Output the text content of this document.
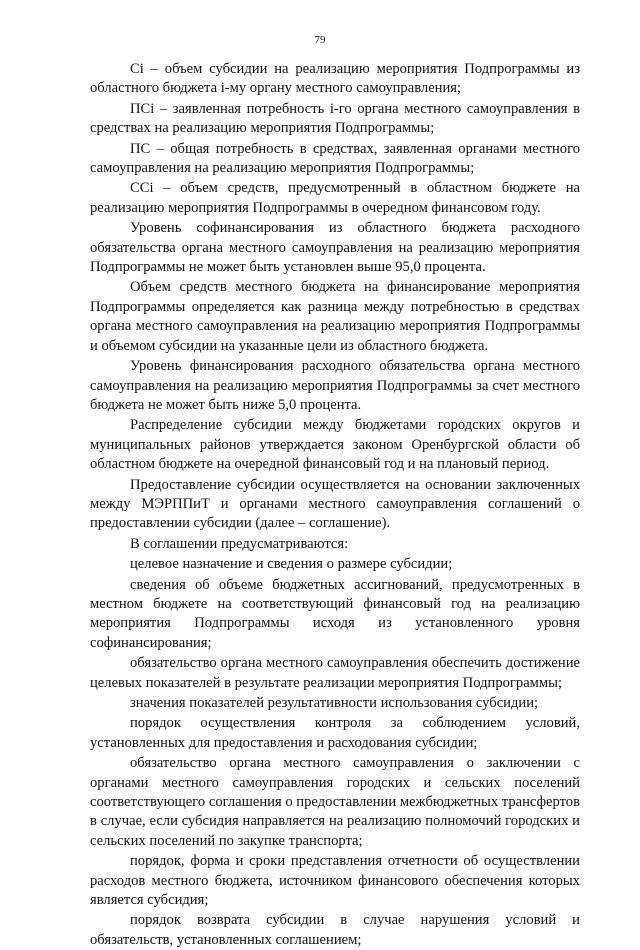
79

Ci – объем субсидии на реализацию мероприятия Подпрограммы из областного бюджета i-му органу местного самоуправления;

ПСi – заявленная потребность i-го органа местного самоуправления в средствах на реализацию мероприятия Подпрограммы;

ПС – общая потребность в средствах, заявленная органами местного самоуправления на реализацию мероприятия Подпрограммы;

ССi – объем средств, предусмотренный в областном бюджете на реализацию мероприятия Подпрограммы в очередном финансовом году.

Уровень софинансирования из областного бюджета расходного обязательства органа местного самоуправления на реализацию мероприятия Подпрограммы не может быть установлен выше 95,0 процента.

Объем средств местного бюджета на финансирование мероприятия Подпрограммы определяется как разница между потребностью в средствах органа местного самоуправления на реализацию мероприятия Подпрограммы и объемом субсидии на указанные цели из областного бюджета.

Уровень финансирования расходного обязательства органа местного самоуправления на реализацию мероприятия Подпрограммы за счет местного бюджета не может быть ниже 5,0 процента.

Распределение субсидии между бюджетами городских округов и муниципальных районов утверждается законом Оренбургской области об областном бюджете на очередной финансовый год и на плановый период.

Предоставление субсидии осуществляется на основании заключенных между МЭРППиТ и органами местного самоуправления соглашений о предоставлении субсидии (далее – соглашение).

В соглашении предусматриваются:

целевое назначение и сведения о размере субсидии;

сведения об объеме бюджетных ассигнований, предусмотренных в местном бюджете на соответствующий финансовый год на реализацию мероприятия Подпрограммы исходя из установленного уровня софинансирования;

обязательство органа местного самоуправления обеспечить достижение целевых показателей в результате реализации мероприятия Подпрограммы;

значения показателей результативности использования субсидии;

порядок осуществления контроля за соблюдением условий, установленных для предоставления и расходования субсидии;

обязательство органа местного самоуправления о заключении с органами местного самоуправления городских и сельских поселений соответствующего соглашения о предоставлении межбюджетных трансфертов в случае, если субсидия направляется на реализацию полномочий городских и сельских поселений по закупке транспорта;

порядок, форма и сроки представления отчетности об осуществлении расходов местного бюджета, источником финансового обеспечения которых является субсидия;

порядок возврата субсидии в случае нарушения условий и обязательств, установленных соглашением;
